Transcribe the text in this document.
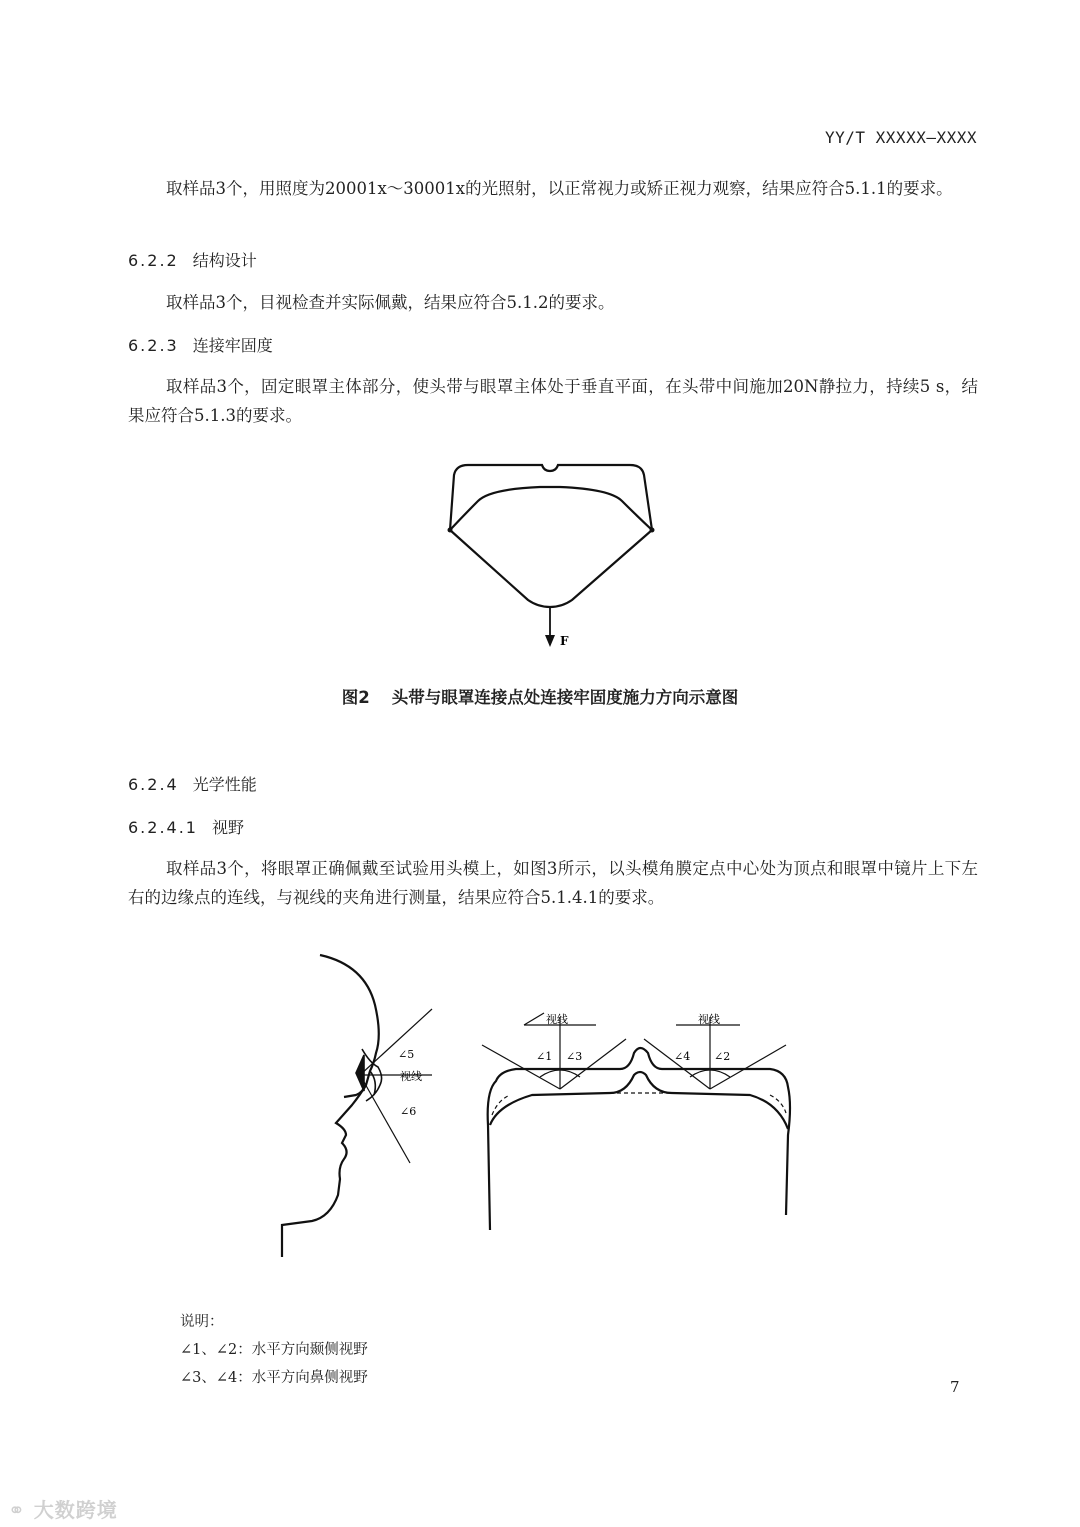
YY/T XXXXX—XXXX
取样品3个，用照度为20001x～30001x的光照射，以正常视力或矫正视力观察，结果应符合5.1.1的要求。
6.2.2 结构设计
取样品3个，目视检查并实际佩戴，结果应符合5.1.2的要求。
6.2.3 连接牢固度
取样品3个，固定眼罩主体部分，使头带与眼罩主体处于垂直平面，在头带中间施加20N静拉力，持续5 s，结果应符合5.1.3的要求。
F
图2 头带与眼罩连接点处连接牢固度施力方向示意图
6.2.4 光学性能
6.2.4.1 视野
取样品3个，将眼罩正确佩戴至试验用头模上，如图3所示，以头模角膜定点中心处为顶点和眼罩中镜片上下左右的边缘点的连线，与视线的夹角进行测量，结果应符合5.1.4.1的要求。
∠5
视线
∠6
视线
∠1 ∠3
视线
∠4 ∠2
说明：
∠1、∠2：水平方向颞侧视野
∠3、∠4：水平方向鼻侧视野	7
⚭ 大数跨境
